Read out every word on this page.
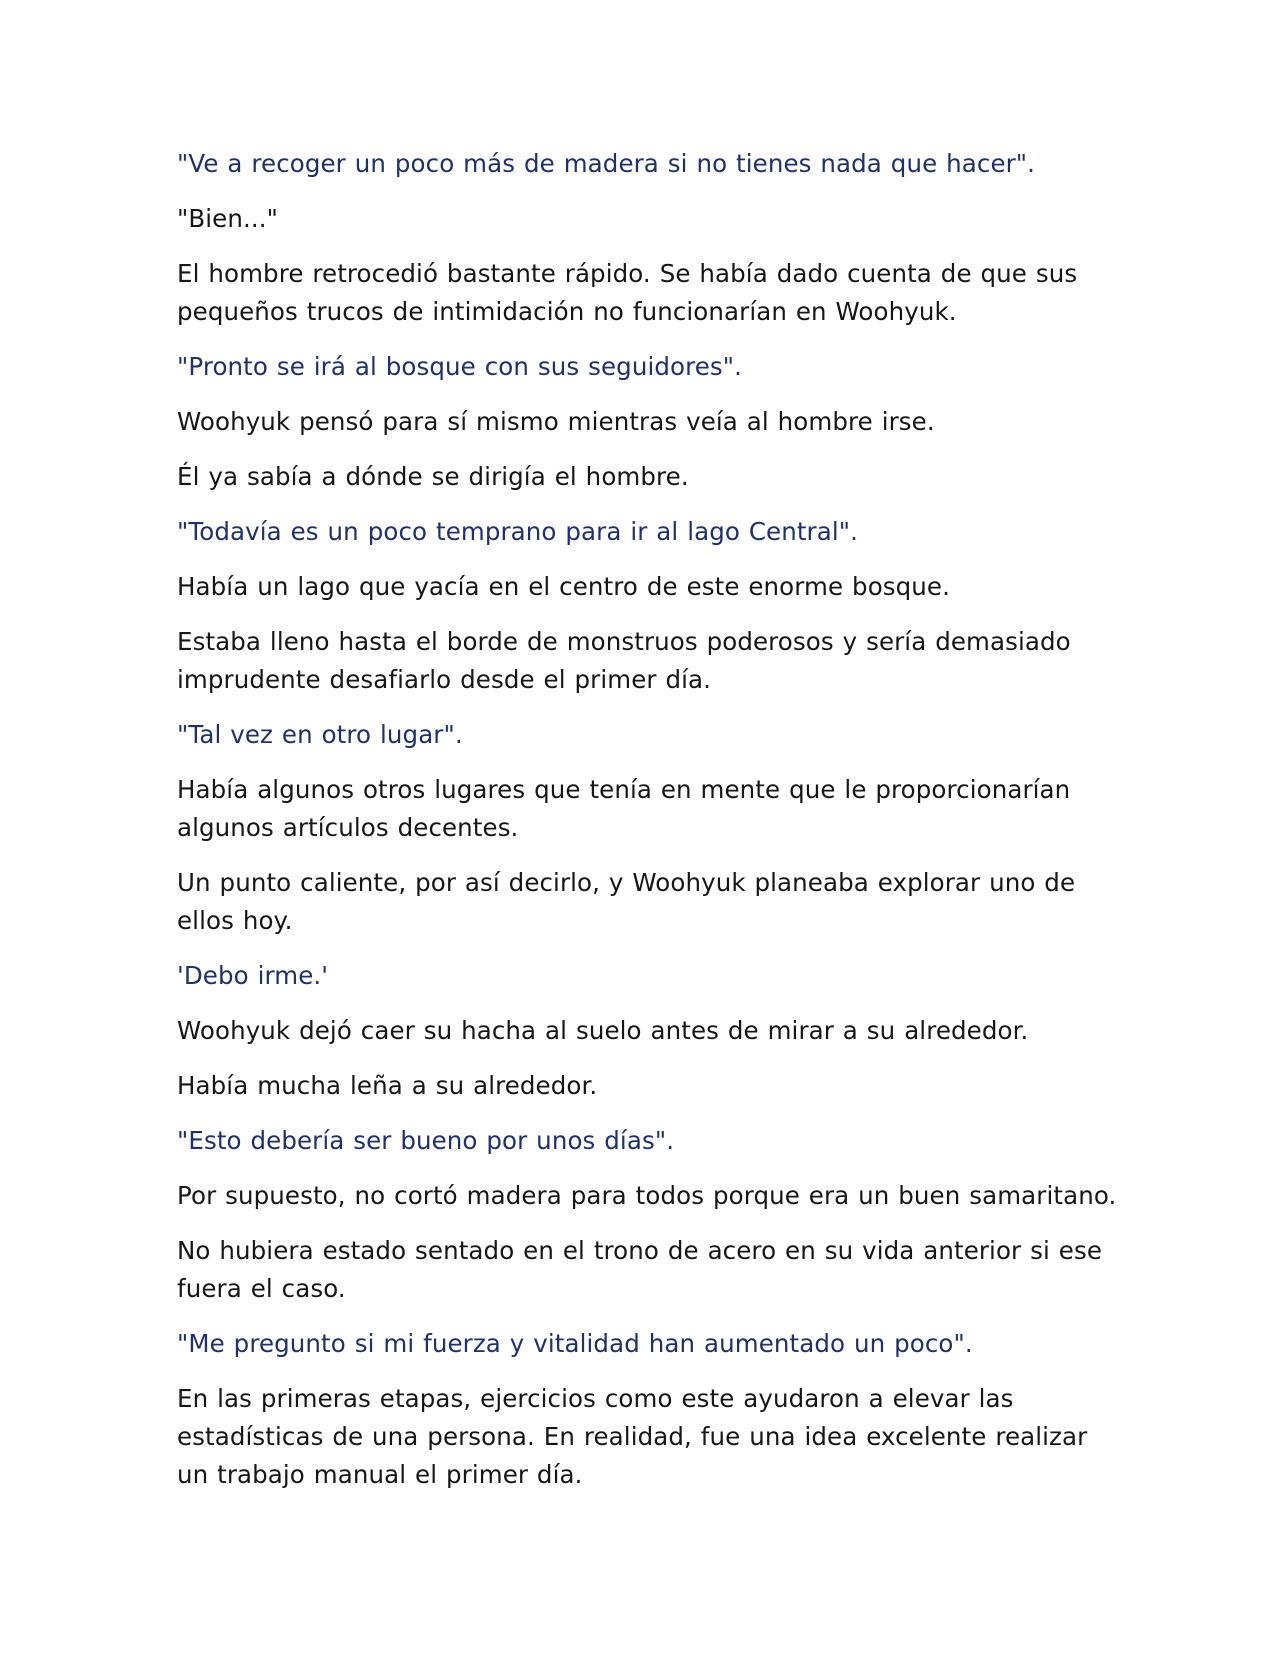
"Ve a recoger un poco más de madera si no tienes nada que hacer".

"Bien..."

El hombre retrocedió bastante rápido. Se había dado cuenta de que sus pequeños trucos de intimidación no funcionarían en Woohyuk.

"Pronto se irá al bosque con sus seguidores".

Woohyuk pensó para sí mismo mientras veía al hombre irse.

Él ya sabía a dónde se dirigía el hombre.

"Todavía es un poco temprano para ir al lago Central".

Había un lago que yacía en el centro de este enorme bosque.

Estaba lleno hasta el borde de monstruos poderosos y sería demasiado imprudente desafiarlo desde el primer día.

"Tal vez en otro lugar".

Había algunos otros lugares que tenía en mente que le proporcionarían algunos artículos decentes.

Un punto caliente, por así decirlo, y Woohyuk planeaba explorar uno de ellos hoy.

'Debo irme.'

Woohyuk dejó caer su hacha al suelo antes de mirar a su alrededor.

Había mucha leña a su alrededor.

"Esto debería ser bueno por unos días".

Por supuesto, no cortó madera para todos porque era un buen samaritano.

No hubiera estado sentado en el trono de acero en su vida anterior si ese fuera el caso.

"Me pregunto si mi fuerza y vitalidad han aumentado un poco".

En las primeras etapas, ejercicios como este ayudaron a elevar las estadísticas de una persona. En realidad, fue una idea excelente realizar un trabajo manual el primer día.
